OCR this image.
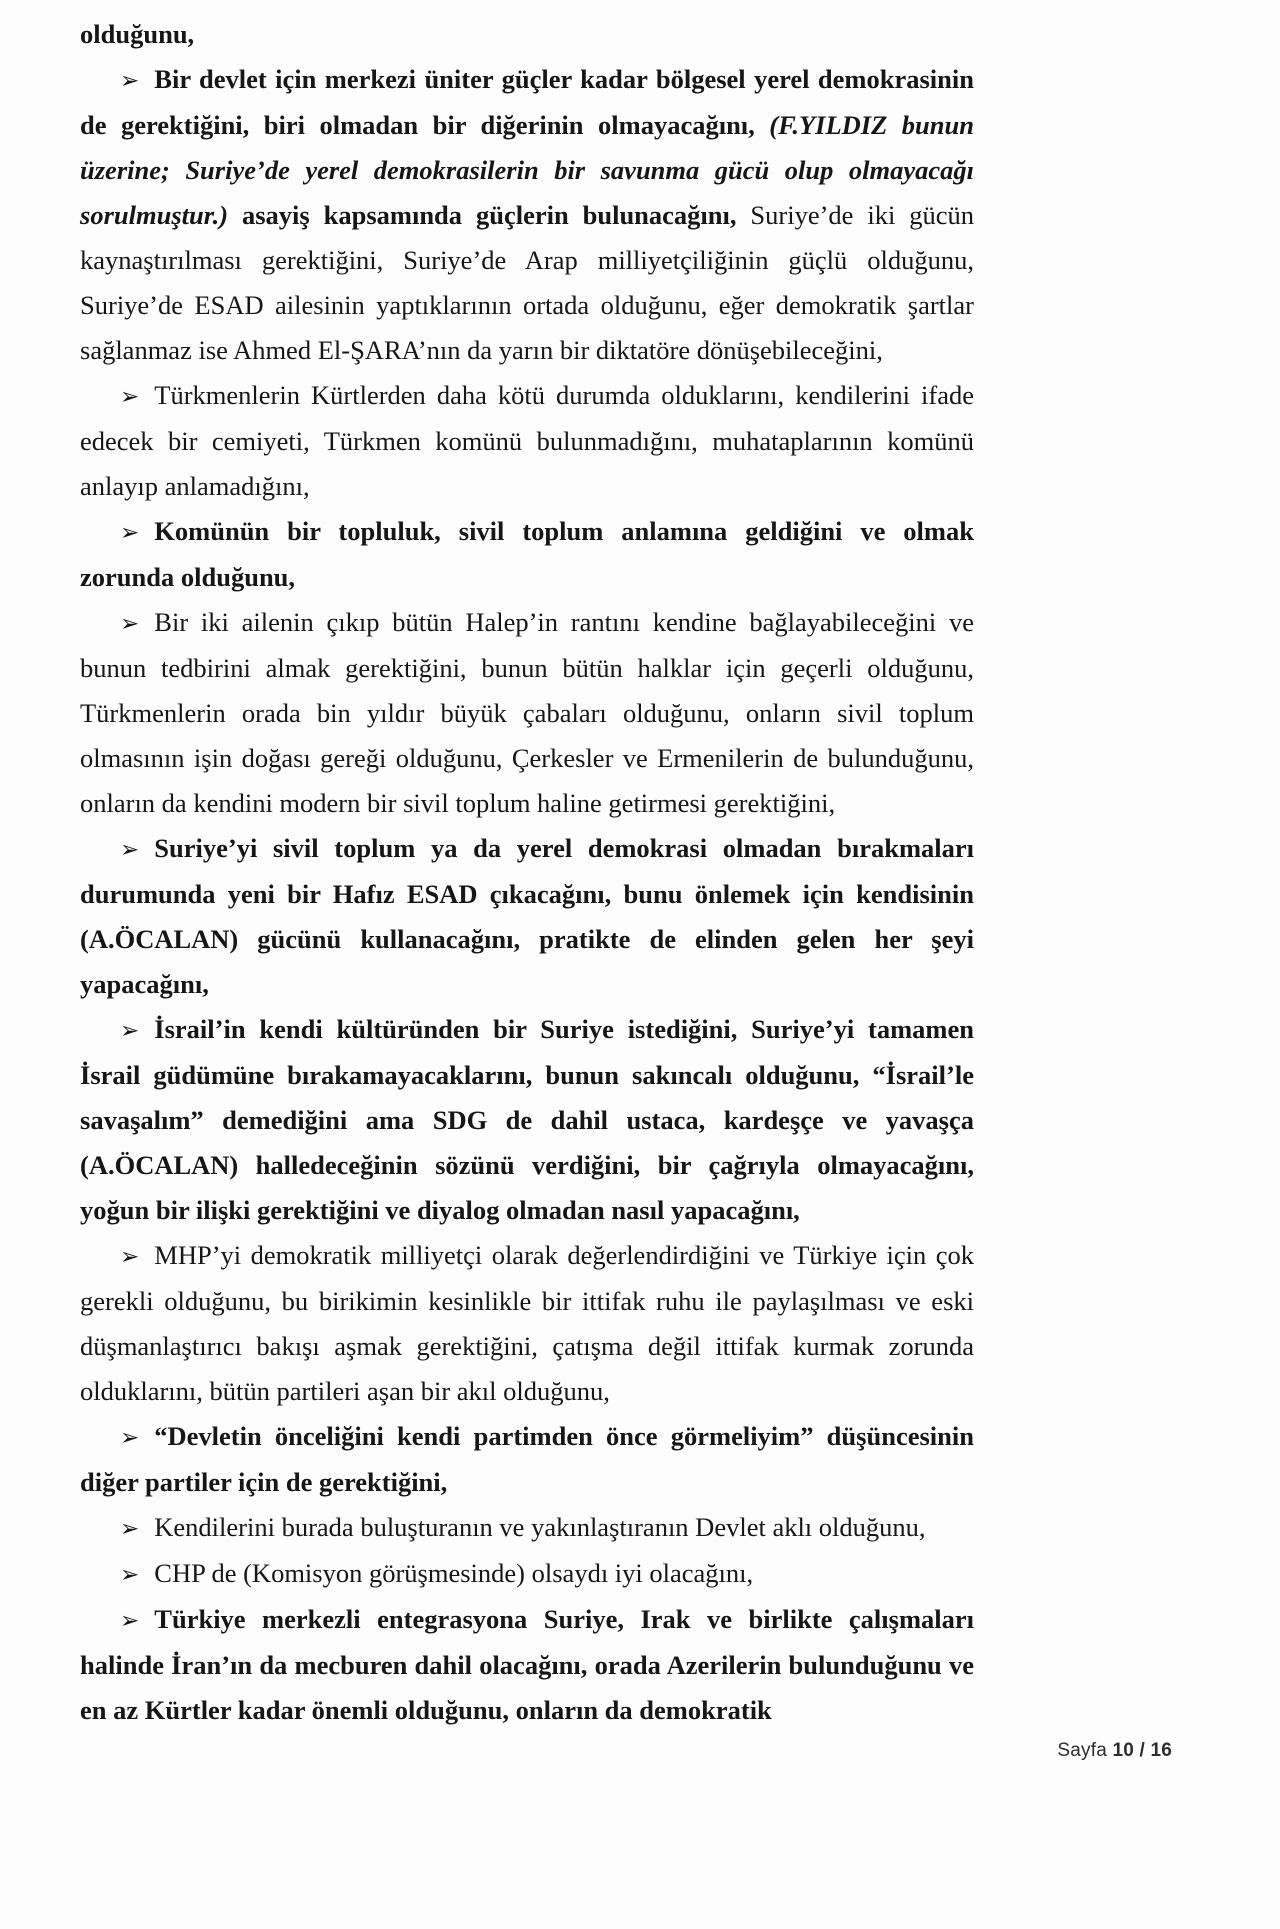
olduğunu,

➢ Bir devlet için merkezi üniter güçler kadar bölgesel yerel demokrasinin de gerektiğini, biri olmadan bir diğerinin olmayacağını, (F.YILDIZ bunun üzerine; Suriye’de yerel demokrasilerin bir savunma gücü olup olmayacağı sorulmuştur.) asayiş kapsamında güçlerin bulunacağını, Suriye’de iki gücün kaynaştırılması gerektiğini, Suriye’de Arap milliyetçiliğinin güçlü olduğunu, Suriye’de ESAD ailesinin yaptıklarının ortada olduğunu, eğer demokratik şartlar sağlanmaz ise Ahmed El-ŞARA’nın da yarın bir diktatöre dönüşebileceğini,

➢ Türkmenlerin Kürtlerden daha kötü durumda olduklarını, kendilerini ifade edecek bir cemiyeti, Türkmen komünü bulunmadığını, muhataplarının komünü anlayıp anlamadığını,

➢ Komünün bir topluluk, sivil toplum anlamına geldiğini ve olmak zorunda olduğunu,

➢ Bir iki ailenin çıkıp bütün Halep’in rantını kendine bağlayabileceğini ve bunun tedbirini almak gerektiğini, bunun bütün halklar için geçerli olduğunu, Türkmenlerin orada bin yıldır büyük çabaları olduğunu, onların sivil toplum olmasının işin doğası gereği olduğunu, Çerkesler ve Ermenilerin de bulunduğunu, onların da kendini modern bir sivil toplum haline getirmesi gerektiğini,

➢ Suriye’yi sivil toplum ya da yerel demokrasi olmadan bırakmaları durumunda yeni bir Hafız ESAD çıkacağını, bunu önlemek için kendisinin (A.ÖCALAN) gücünü kullanacağını, pratikte de elinden gelen her şeyi yapacağını,

➢ İsrail’in kendi kültüründen bir Suriye istediğini, Suriye’yi tamamen İsrail güdümüne bırakamayacaklarını, bunun sakıncalı olduğunu, “İsrail’le savaşalım” demediğini ama SDG de dahil ustaca, kardeşçe ve yavaşça (A.ÖCALAN) halledeceğinin sözünü verdiğini, bir çağrıyla olmayacağını, yoğun bir ilişki gerektiğini ve diyalog olmadan nasıl yapacağını,

➢ MHP’yi demokratik milliyetçi olarak değerlendirdiğini ve Türkiye için çok gerekli olduğunu, bu birikimin kesinlikle bir ittifak ruhu ile paylaşılması ve eski düşmanlaştırıcı bakışı aşmak gerektiğini, çatışma değil ittifak kurmak zorunda olduklarını, bütün partileri aşan bir akıl olduğunu,

➢ “Devletin önceliğini kendi partimden önce görmeliyim” düşüncesinin diğer partiler için de gerektiğini,

➢ Kendilerini burada buluşturanın ve yakınlaştıranın Devlet aklı olduğunu,

➢ CHP de (Komisyon görüşmesinde) olsaydı iyi olacağını,

➢ Türkiye merkezli entegrasyona Suriye, Irak ve birlikte çalışmaları halinde İran’ın da mecburen dahil olacağını, orada Azerilerin bulunduğunu ve en az Kürtler kadar önemli olduğunu, onların da demokratik

Sayfa 10 / 16
